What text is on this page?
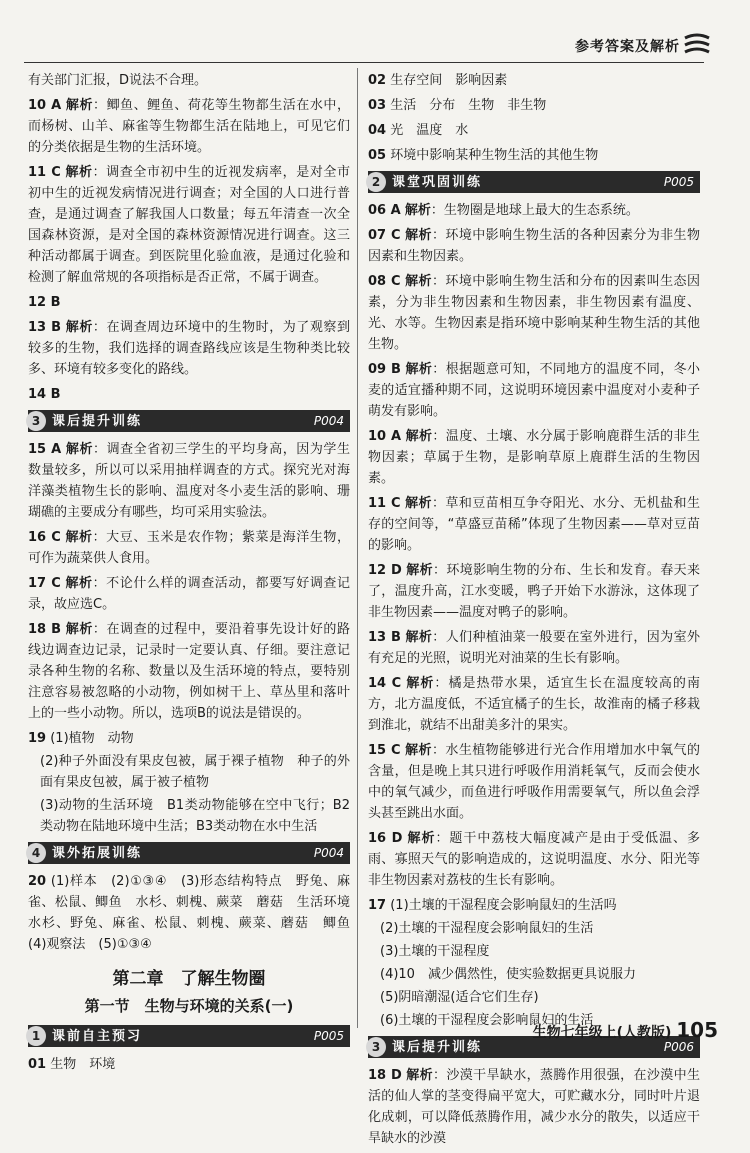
参考答案及解析

有关部门汇报，D说法不合理。

10 A 解析：鲫鱼、鲤鱼、荷花等生物都生活在水中，而杨树、山羊、麻雀等生物都生活在陆地上，可见它们的分类依据是生物的生活环境。

11 C 解析：调查全市初中生的近视发病率，是对全市初中生的近视发病情况进行调查；对全国的人口进行普查，是通过调查了解我国人口数量；每五年清查一次全国森林资源，是对全国的森林资源情况进行调查。这三种活动都属于调查。到医院里化验血液，是通过化验和检测了解血常规的各项指标是否正常，不属于调查。

12 B

13 B 解析：在调查周边环境中的生物时，为了观察到较多的生物，我们选择的调查路线应该是生物种类比较多、环境有较多变化的路线。

14 B

3 课后提升训练	P004

15 A 解析：调查全省初三学生的平均身高，因为学生数量较多，所以可以采用抽样调查的方式。探究光对海洋藻类植物生长的影响、温度对冬小麦生活的影响、珊瑚礁的主要成分有哪些，均可采用实验法。

16 C 解析：大豆、玉米是农作物；紫菜是海洋生物，可作为蔬菜供人食用。

17 C 解析：不论什么样的调查活动，都要写好调查记录，故应选C。

18 B 解析：在调查的过程中，要沿着事先设计好的路线边调查边记录，记录时一定要认真、仔细。要注意记录各种生物的名称、数量以及生活环境的特点，要特别注意容易被忽略的小动物，例如树干上、草丛里和落叶上的一些小动物。所以，选项B的说法是错误的。

19 (1)植物　动物

(2)种子外面没有果皮包被，属于裸子植物　种子的外面有果皮包被，属于被子植物

(3)动物的生活环境　B1类动物能够在空中飞行；B2类动物在陆地环境中生活；B3类动物在水中生活

4 课外拓展训练	P004

20 (1)样本　(2)①③④　(3)形态结构特点　野兔、麻雀、松鼠、鲫鱼　水杉、刺槐、蕨菜　蘑菇　生活环境　水杉、野兔、麻雀、松鼠、刺槐、蕨菜、蘑菇　鲫鱼　(4)观察法　(5)①③④

第二章　了解生物圈
第一节　生物与环境的关系(一)
1 课前自主预习	P005

01 生物　环境

02 生存空间　影响因素

03 生活　分布　生物　非生物

04 光　温度　水

05 环境中影响某种生物生活的其他生物

2 课堂巩固训练	P005

06 A 解析：生物圈是地球上最大的生态系统。

07 C 解析：环境中影响生物生活的各种因素分为非生物因素和生物因素。

08 C 解析：环境中影响生物生活和分布的因素叫生态因素，分为非生物因素和生物因素，非生物因素有温度、光、水等。生物因素是指环境中影响某种生物生活的其他生物。

09 B 解析：根据题意可知，不同地方的温度不同，冬小麦的适宜播种期不同，这说明环境因素中温度对小麦种子萌发有影响。

10 A 解析：温度、土壤、水分属于影响鹿群生活的非生物因素；草属于生物，是影响草原上鹿群生活的生物因素。

11 C 解析：草和豆苗相互争夺阳光、水分、无机盐和生存的空间等，“草盛豆苗稀”体现了生物因素——草对豆苗的影响。

12 D 解析：环境影响生物的分布、生长和发育。春天来了，温度升高，江水变暖，鸭子开始下水游泳，这体现了非生物因素——温度对鸭子的影响。

13 B 解析：人们种植油菜一般要在室外进行，因为室外有充足的光照，说明光对油菜的生长有影响。

14 C 解析：橘是热带水果，适宜生长在温度较高的南方，北方温度低，不适宜橘子的生长，故淮南的橘子移栽到淮北，就结不出甜美多汁的果实。

15 C 解析：水生植物能够进行光合作用增加水中氧气的含量，但是晚上其只进行呼吸作用消耗氧气，反而会使水中的氧气减少，而鱼进行呼吸作用需要氧气，所以鱼会浮头甚至跳出水面。

16 D 解析：题干中荔枝大幅度减产是由于受低温、多雨、寡照天气的影响造成的，这说明温度、水分、阳光等非生物因素对荔枝的生长有影响。

17 (1)土壤的干湿程度会影响鼠妇的生活吗

(2)土壤的干湿程度会影响鼠妇的生活

(3)土壤的干湿程度

(4)10　减少偶然性，使实验数据更具说服力

(5)阴暗潮湿(适合它们生存)

(6)土壤的干湿程度会影响鼠妇的生活

3 课后提升训练	P006

18 D 解析：沙漠干旱缺水，蒸腾作用很强，在沙漠中生活的仙人掌的茎变得扁平宽大，可贮藏水分，同时叶片退化成刺，可以降低蒸腾作用，减少水分的散失，以适应干旱缺水的沙漠

生物七年级上(人教版) 105
